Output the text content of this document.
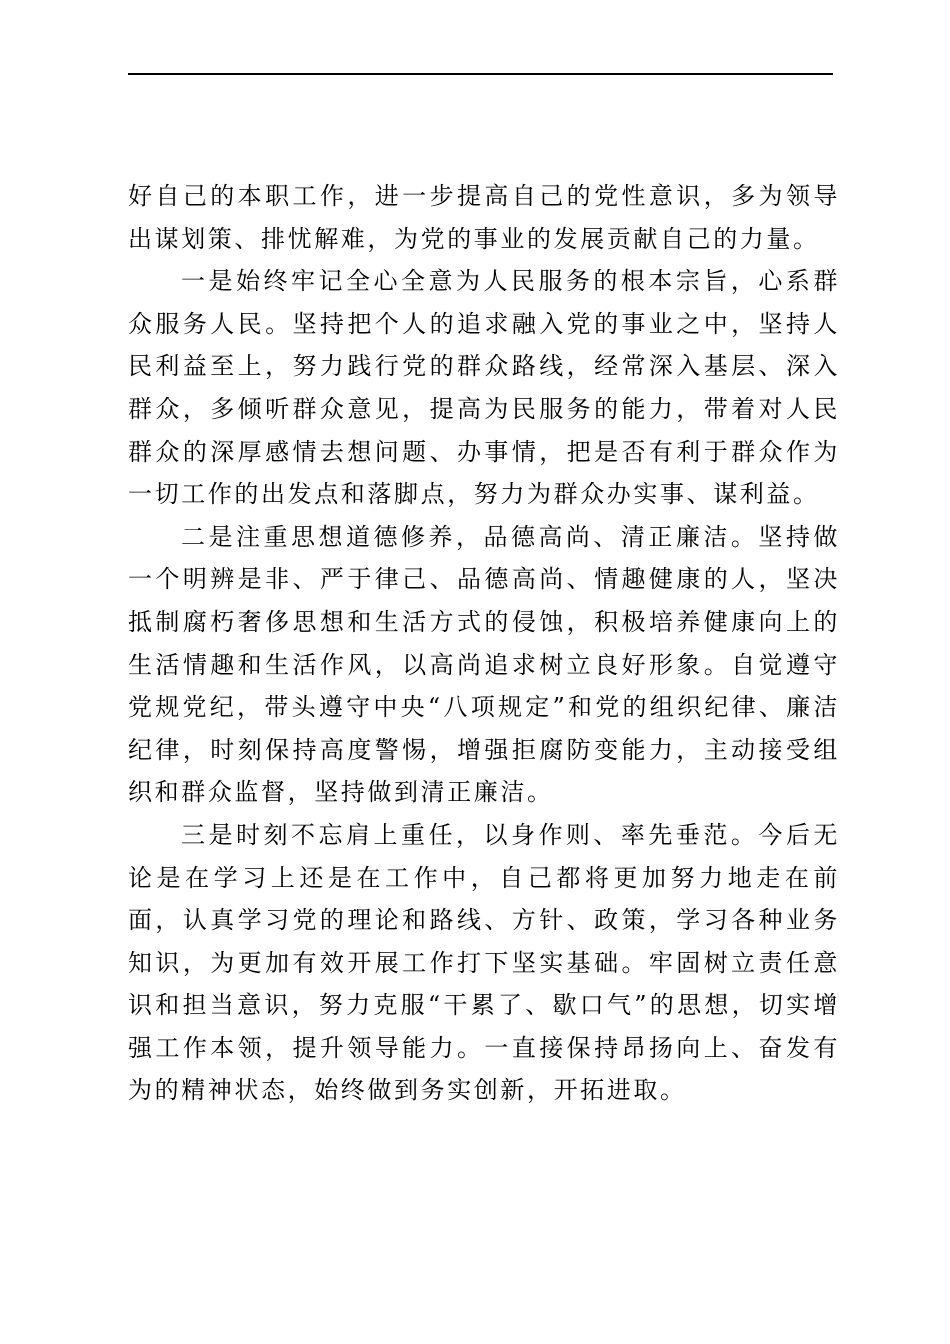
好自己的本职工作，进一步提高自己的党性意识，多为领导出谋划策、排忧解难，为党的事业的发展贡献自己的力量。

一是始终牢记全心全意为人民服务的根本宗旨，心系群众服务人民。坚持把个人的追求融入党的事业之中，坚持人民利益至上，努力践行党的群众路线，经常深入基层、深入群众，多倾听群众意见，提高为民服务的能力，带着对人民群众的深厚感情去想问题、办事情，把是否有利于群众作为一切工作的出发点和落脚点，努力为群众办实事、谋利益。

二是注重思想道德修养，品德高尚、清正廉洁。坚持做一个明辨是非、严于律己、品德高尚、情趣健康的人，坚决抵制腐朽奢侈思想和生活方式的侵蚀，积极培养健康向上的生活情趣和生活作风，以高尚追求树立良好形象。自觉遵守党规党纪，带头遵守中央“八项规定”和党的组织纪律、廉洁纪律，时刻保持高度警惕，增强拒腐防变能力，主动接受组织和群众监督，坚持做到清正廉洁。

三是时刻不忘肩上重任，以身作则、率先垂范。今后无论是在学习上还是在工作中，自己都将更加努力地走在前面，认真学习党的理论和路线、方针、政策，学习各种业务知识，为更加有效开展工作打下坚实基础。牢固树立责任意识和担当意识，努力克服“干累了、歇口气”的思想，切实增强工作本领，提升领导能力。一直接保持昂扬向上、奋发有为的精神状态，始终做到务实创新，开拓进取。
